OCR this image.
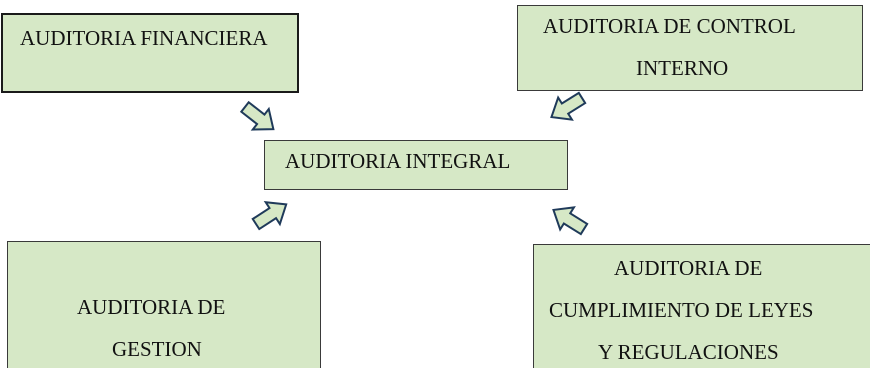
AUDITORIA FINANCIERA	AUDITORIA DE CONTROL
INTERNO
AUDITORIA INTEGRAL
AUDITORIA DE
GESTION
AUDITORIA DE
CUMPLIMIENTO DE LEYES
Y REGULACIONES
